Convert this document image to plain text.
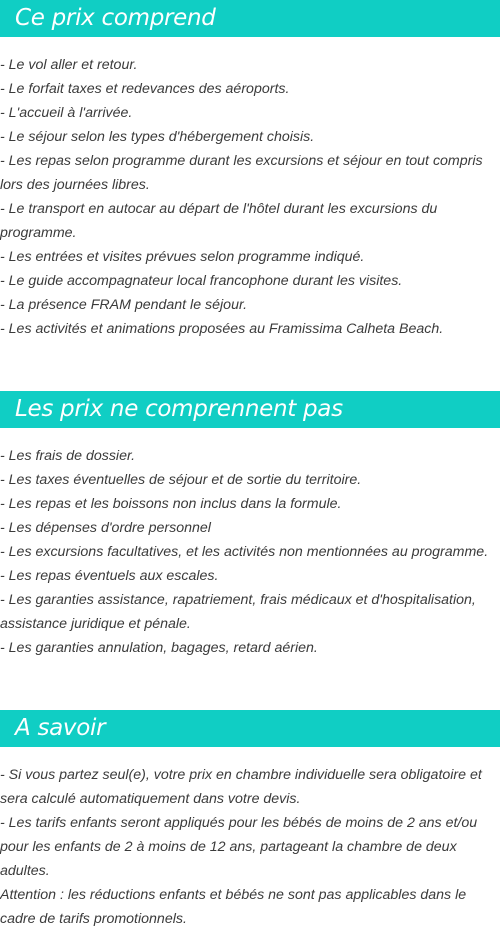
Ce prix comprend
- Le vol aller et retour.
- Le forfait taxes et redevances des aéroports.
- L'accueil à l'arrivée.
- Le séjour selon les types d'hébergement choisis.
- Les repas selon programme durant les excursions et séjour en tout compris lors des journées libres.
- Le transport en autocar au départ de l'hôtel durant les excursions du programme.
- Les entrées et visites prévues selon programme indiqué.
- Le guide accompagnateur local francophone durant les visites.
- La présence FRAM pendant le séjour.
- Les activités et animations proposées au Framissima Calheta Beach.
Les prix ne comprennent pas
- Les frais de dossier.
- Les taxes éventuelles de séjour et de sortie du territoire.
- Les repas et les boissons non inclus dans la formule.
- Les dépenses d'ordre personnel
- Les excursions facultatives, et les activités non mentionnées au programme.
- Les repas éventuels aux escales.
- Les garanties assistance, rapatriement, frais médicaux et d'hospitalisation, assistance juridique et pénale.
- Les garanties annulation, bagages, retard aérien.
A savoir
- Si vous partez seul(e), votre prix en chambre individuelle sera obligatoire et sera calculé automatiquement dans votre devis.
- Les tarifs enfants seront appliqués pour les bébés de moins de 2 ans et/ou pour les enfants de 2 à moins de 12 ans, partageant la chambre de deux adultes.
Attention : les réductions enfants et bébés ne sont pas applicables dans le cadre de tarifs promotionnels.
